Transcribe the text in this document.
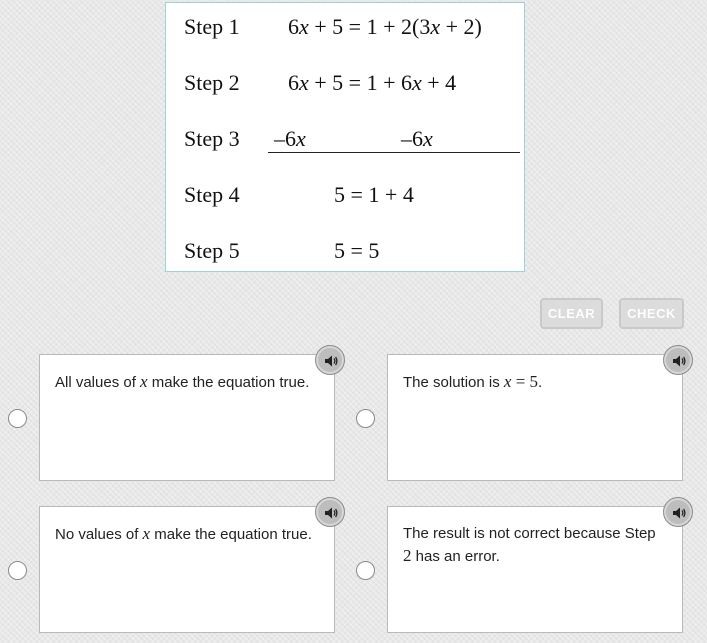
Step 1 6x + 5 = 1 + 2(3x + 2)
Step 2 6x + 5 = 1 + 6x + 4
Step 3 –6x	–6x
Step 4	5 = 1 + 4
Step 5	5 = 5
CLEAR	CHECK
All values of x make the equation true.	The solution is x = 5.
No values of x make the equation true.	The result is not correct because Step 2 has an error.
